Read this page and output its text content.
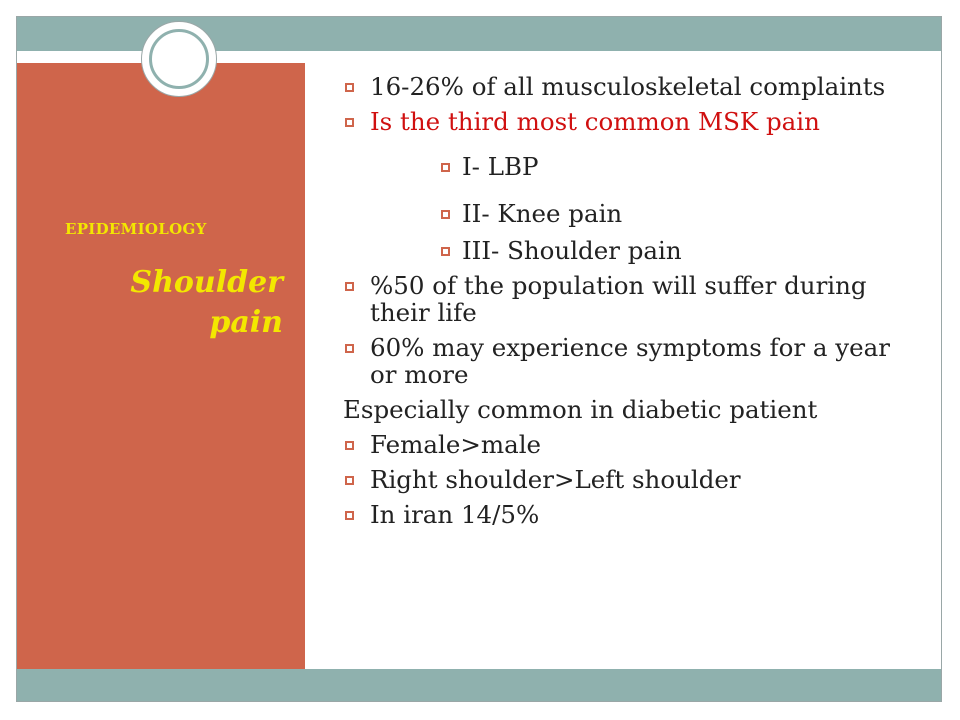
EPIDEMIOLOGY
Shoulder
pain
16-26% of all musculoskeletal complaints
Is the third most common MSK pain
I- LBP
II- Knee pain
III- Shoulder pain
%50 of the population will suffer during their life
60% may experience symptoms for a year or more
Especially common in diabetic patient
Female>male
Right shoulder>Left shoulder
In iran 14/5%
